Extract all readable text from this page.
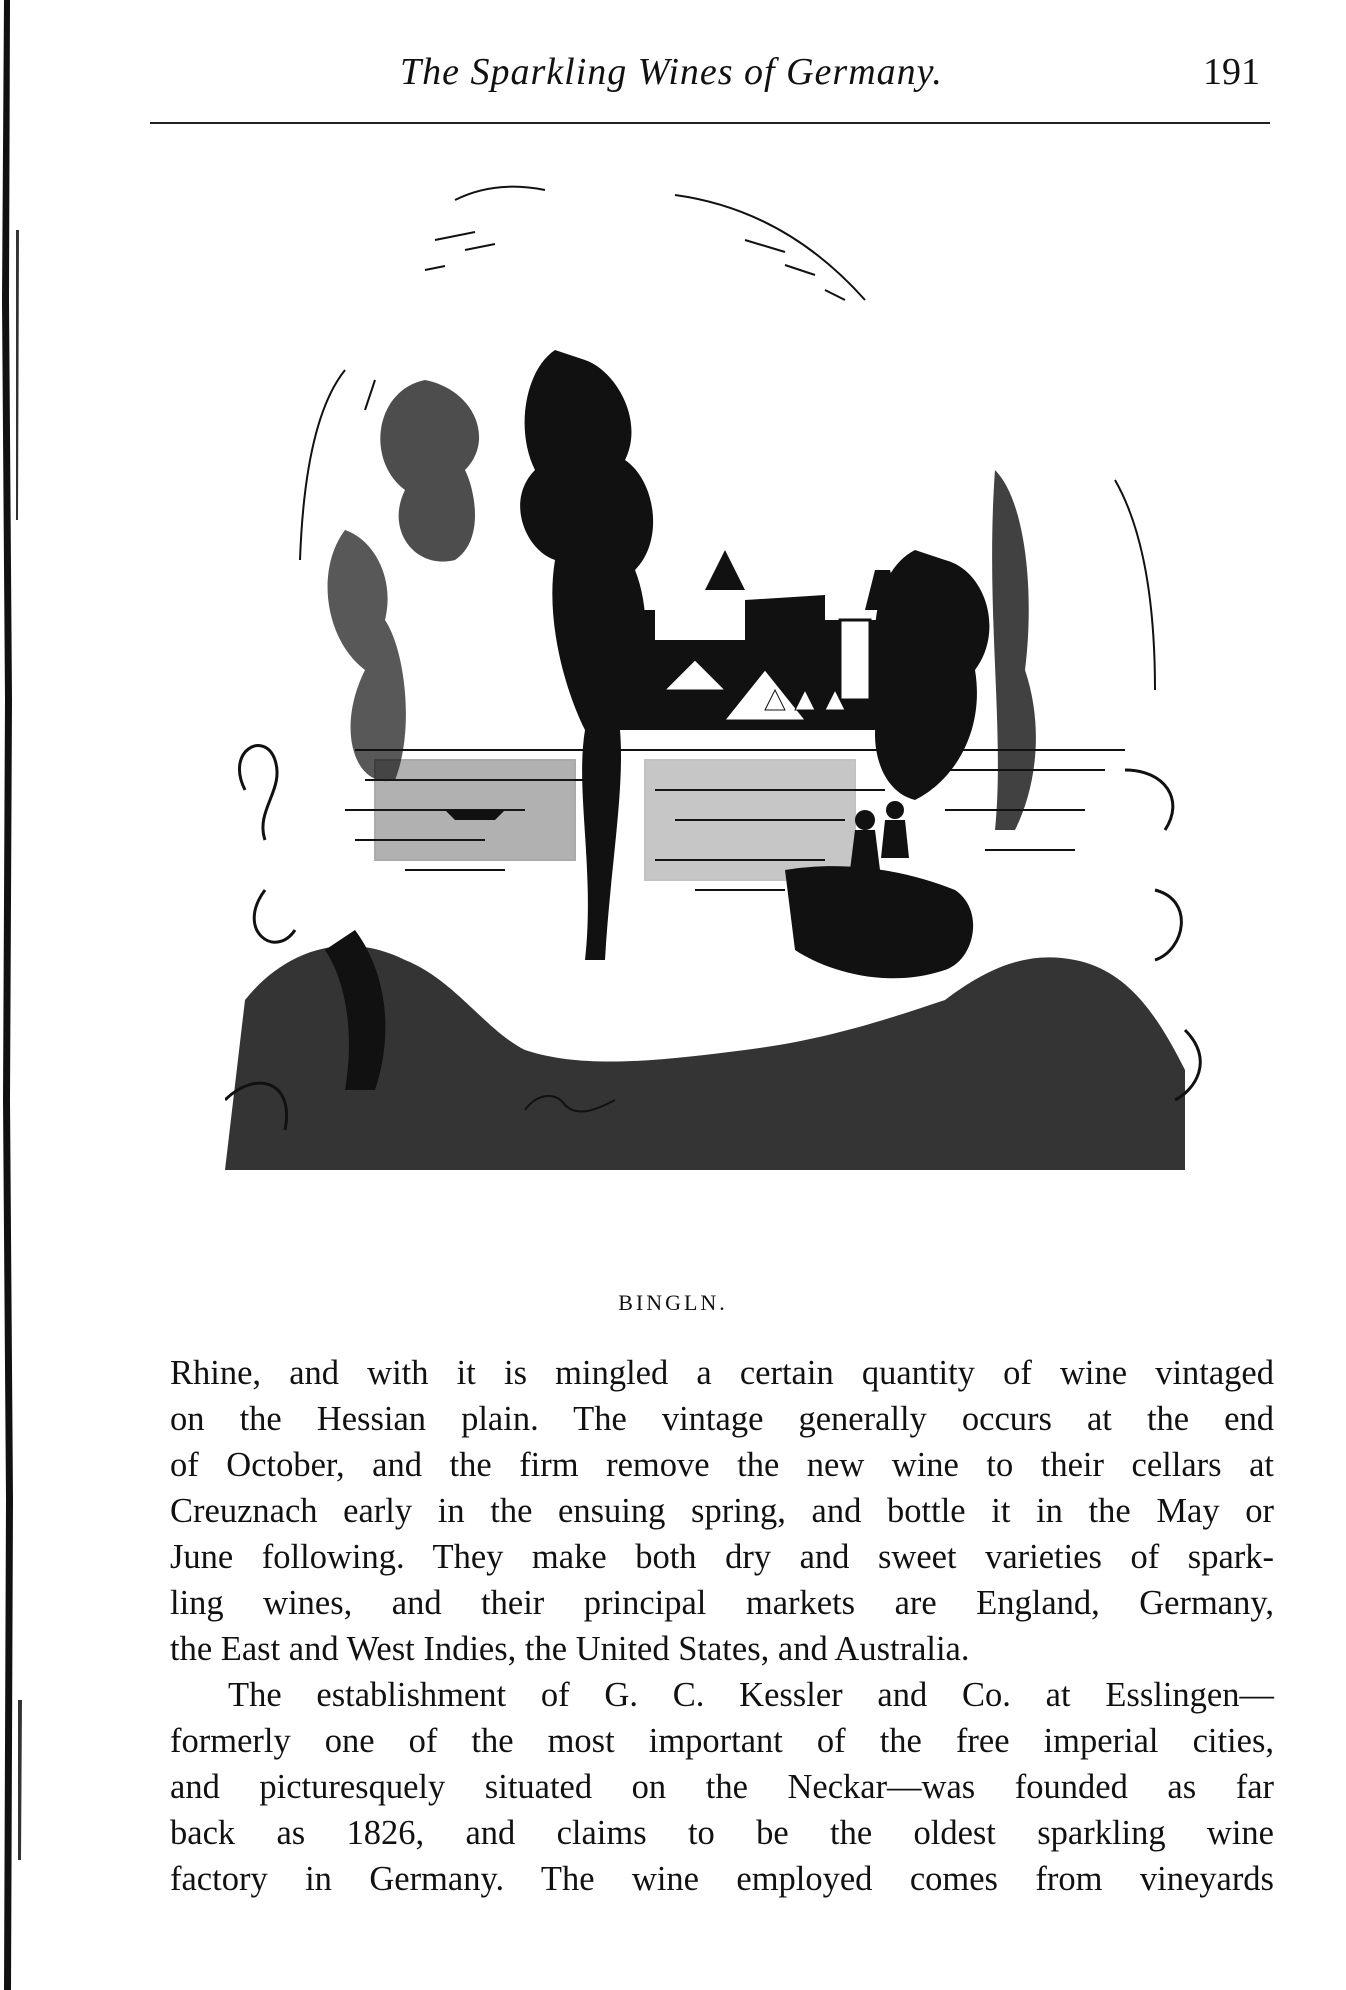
The Sparkling Wines of Germany.	191
BINGLN.
Rhine, and with it is mingled a certain quantity of wine vintaged
on the Hessian plain. The vintage generally occurs at the end
of October, and the firm remove the new wine to their cellars at
Creuznach early in the ensuing spring, and bottle it in the May or
June following. They make both dry and sweet varieties of spark-
ling wines, and their principal markets are England, Germany,
the East and West Indies, the United States, and Australia.
The establishment of G. C. Kessler and Co. at Esslingen—
formerly one of the most important of the free imperial cities,
and picturesquely situated on the Neckar—was founded as far
back as 1826, and claims to be the oldest sparkling wine
factory in Germany. The wine employed comes from vineyards
